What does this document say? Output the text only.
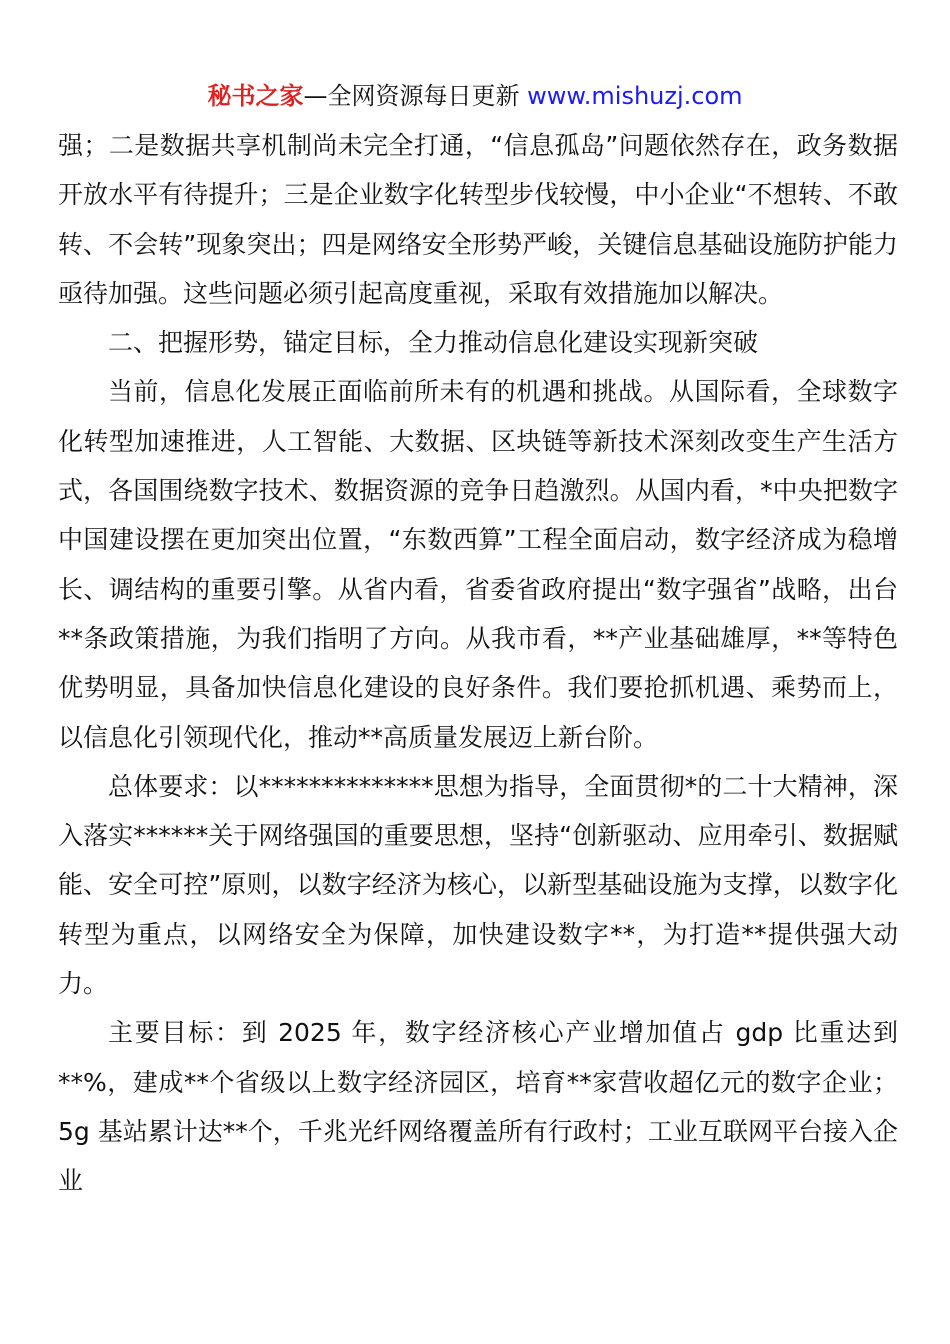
秘书之家—全网资源每日更新 www.mishuzj.com

强；二是数据共享机制尚未完全打通，“信息孤岛”问题依然存在，政务数据开放水平有待提升；三是企业数字化转型步伐较慢，中小企业“不想转、不敢转、不会转”现象突出；四是网络安全形势严峻，关键信息基础设施防护能力亟待加强。这些问题必须引起高度重视，采取有效措施加以解决。

二、把握形势，锚定目标，全力推动信息化建设实现新突破

当前，信息化发展正面临前所未有的机遇和挑战。从国际看，全球数字化转型加速推进，人工智能、大数据、区块链等新技术深刻改变生产生活方式，各国围绕数字技术、数据资源的竞争日趋激烈。从国内看，*中央把数字中国建设摆在更加突出位置，“东数西算”工程全面启动，数字经济成为稳增长、调结构的重要引擎。从省内看，省委省政府提出“数字强省”战略，出台**条政策措施，为我们指明了方向。从我市看，**产业基础雄厚，**等特色优势明显，具备加快信息化建设的良好条件。我们要抢抓机遇、乘势而上，以信息化引领现代化，推动**高质量发展迈上新台阶。

总体要求：以**************思想为指导，全面贯彻*的二十大精神，深入落实******关于网络强国的重要思想，坚持“创新驱动、应用牵引、数据赋能、安全可控”原则，以数字经济为核心，以新型基础设施为支撑，以数字化转型为重点，以网络安全为保障，加快建设数字**，为打造**提供强大动力。

主要目标：到 2025 年，数字经济核心产业增加值占 gdp 比重达到**%，建成**个省级以上数字经济园区，培育**家营收超亿元的数字企业；5g 基站累计达**个，千兆光纤网络覆盖所有行政村；工业互联网平台接入企业
